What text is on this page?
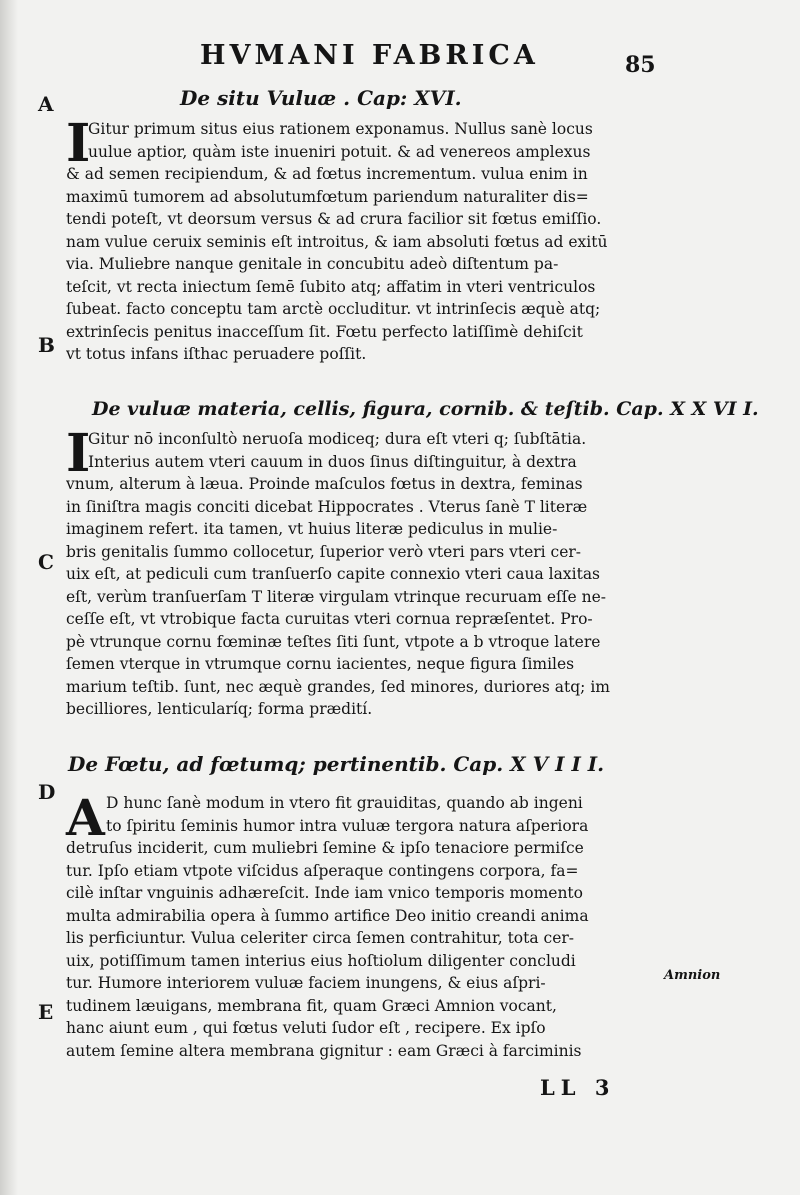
HVMANI FABRICA	85
A
B
C
D
E
De situ Vuluæ . Cap: XVI.
I
Gitur primum situs eius rationem exponamus. Nullus sanè locus
uulue aptior, quàm iste inueniri potuit. & ad venereos amplexus
& ad semen recipiendum, & ad fœtus incrementum. vulua enim in
maximū tumorem ad absolutumfœtum pariendum naturaliter dis=
tendi poteſt, vt deorsum versus & ad crura facilior sit fœtus emiſſio.
nam vulue ceruix seminis eſt introitus, & iam absoluti fœtus ad exitū
via. Muliebre nanque genitale in concubitu adeò diſtentum pa-
teſcit, vt recta iniectum ſemē ſubito atq; affatim in vteri ventriculos
ſubeat. facto conceptu tam arctè occluditur. vt intrinſecis æquè atq;
extrinſecis penitus inacceſſum ſit. Fœtu perfecto latiſſimè dehiſcit
vt totus infans iſthac peruadere poſſit.
De vuluæ materia, cellis, figura, cornib. & teſtib. Cap. X X VI I.
I
Gitur nō inconſultò neruoſa modiceq; dura eſt vteri q; ſubſtātia.
Interius autem vteri cauum in duos ſinus diſtinguitur, à dextra
vnum, alterum à læua. Proinde maſculos fœtus in dextra, feminas
in ſiniſtra magis conciti dicebat Hippocrates . Vterus ſanè T literæ
imaginem refert. ita tamen, vt huius literæ pediculus in mulie-
bris genitalis ſummo collocetur, ſuperior verò vteri pars vteri cer-
uix eſt, at pediculi cum tranſuerſo capite connexio vteri caua laxitas
eſt, verùm tranſuerſam T literæ virgulam vtrinque recuruam eſſe ne-
ceſſe eſt, vt vtrobique facta curuitas vteri cornua repræſentet. Pro-
pè vtrunque cornu fœminæ teſtes ſiti ſunt, vtpote a b vtroque latere
ſemen vterque in vtrumque cornu iacientes, neque figura ſimiles
marium teſtib. ſunt, nec æquè grandes, ſed minores, duriores atq; im
becilliores, lenticularíq; forma prædití.
De Fœtu, ad fœtumq; pertinentib. Cap. X V I I I.
A D hunc ſanè modum in vtero fit grauiditas, quando ab ingeni
to ſpiritu ſeminis humor intra vuluæ tergora natura aſperiora
detruſus inciderit, cum muliebri ſemine & ipſo tenaciore permiſce
tur. Ipſo etiam vtpote viſcidus aſperaque contingens corpora, fa=
cilè inſtar vnguinis adhæreſcit. Inde iam vnico temporis momento
multa admirabilia opera à ſummo artifice Deo initio creandi anima
lis perficiuntur. Vulua celeriter circa ſemen contrahitur, tota cer-
uix, potiſſimum tamen interius eius hoſtiolum diligenter concludi
tur. Humore interiorem vuluæ faciem inungens, & eius aſpri-
tudinem læuigans, membrana fit, quam Græci Amnion vocant,
hanc aiunt eum , qui fœtus veluti ſudor eſt , recipere. Ex ipſo
autem ſemine altera membrana gignitur : eam Græci à farciminis
Amnion
LL 3
